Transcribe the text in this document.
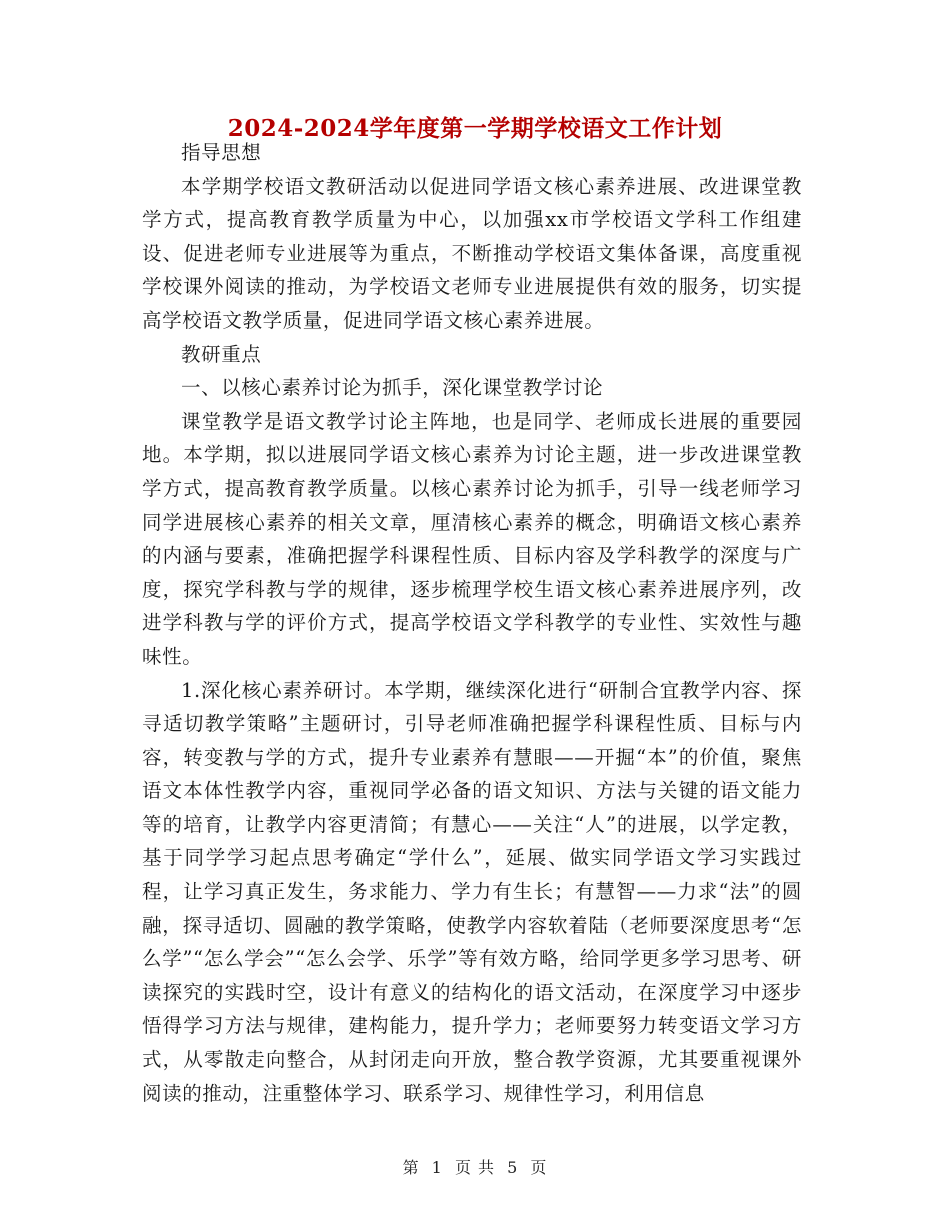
2024-2024学年度第一学期学校语文工作计划

指导思想

本学期学校语文教研活动以促进同学语文核心素养进展、改进课堂教学方式，提高教育教学质量为中心，以加强xx市学校语文学科工作组建设、促进老师专业进展等为重点，不断推动学校语文集体备课，高度重视学校课外阅读的推动，为学校语文老师专业进展提供有效的服务，切实提高学校语文教学质量，促进同学语文核心素养进展。

教研重点

一、以核心素养讨论为抓手，深化课堂教学讨论

课堂教学是语文教学讨论主阵地，也是同学、老师成长进展的重要园地。本学期，拟以进展同学语文核心素养为讨论主题，进一步改进课堂教学方式，提高教育教学质量。以核心素养讨论为抓手，引导一线老师学习同学进展核心素养的相关文章，厘清核心素养的概念，明确语文核心素养的内涵与要素，准确把握学科课程性质、目标内容及学科教学的深度与广度，探究学科教与学的规律，逐步梳理学校生语文核心素养进展序列，改进学科教与学的评价方式，提高学校语文学科教学的专业性、实效性与趣味性。

1.深化核心素养研讨。本学期，继续深化进行“研制合宜教学内容、探寻适切教学策略”主题研讨，引导老师准确把握学科课程性质、目标与内容，转变教与学的方式，提升专业素养有慧眼——开掘“本”的价值，聚焦语文本体性教学内容，重视同学必备的语文知识、方法与关键的语文能力等的培育，让教学内容更清简；有慧心——关注“人”的进展，以学定教，基于同学学习起点思考确定“学什么”，延展、做实同学语文学习实践过程，让学习真正发生，务求能力、学力有生长；有慧智——力求“法”的圆融，探寻适切、圆融的教学策略，使教学内容软着陆（老师要深度思考“怎么学”“怎么学会”“怎么会学、乐学”等有效方略，给同学更多学习思考、研读探究的实践时空，设计有意义的结构化的语文活动，在深度学习中逐步悟得学习方法与规律，建构能力，提升学力；老师要努力转变语文学习方式，从零散走向整合，从封闭走向开放，整合教学资源，尤其要重视课外阅读的推动，注重整体学习、联系学习、规律性学习，利用信息

第 1 页 共 5 页
